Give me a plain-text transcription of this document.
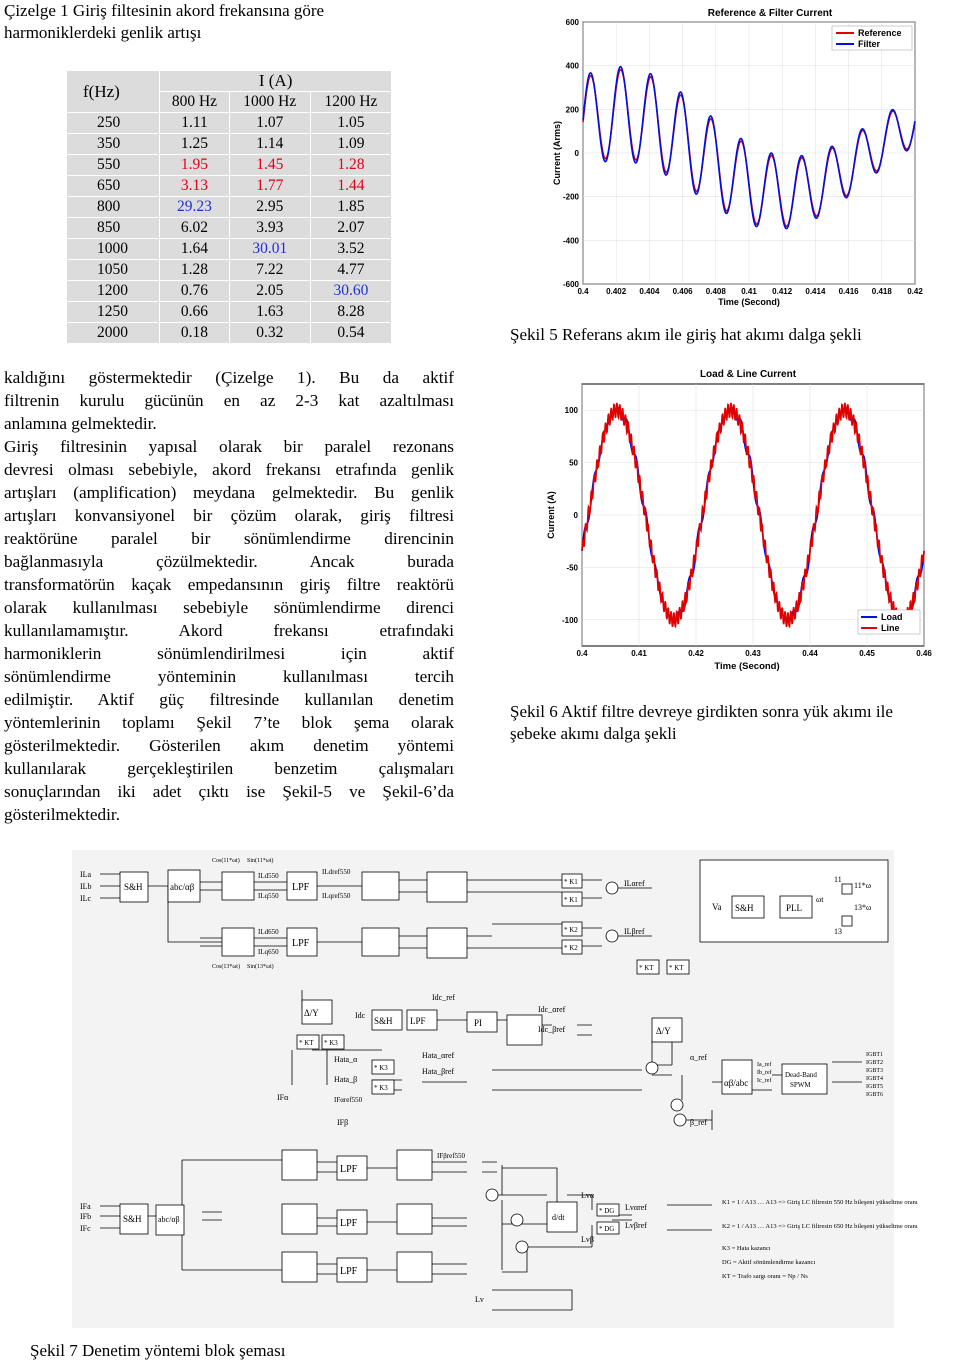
Çizelge 1 Giriş filtesinin akord frekansına göre
harmoniklerdeki genlik artışı
f(Hz)	I (A)		
	800 Hz	1000 Hz	1200 Hz
250	1.11	1.07	1.05
350	1.25	1.14	1.09
550	1.95	1.45	1.28
650	3.13	1.77	1.44
800	29.23	2.95	1.85
850	6.02	3.93	2.07
1000	1.64	30.01	3.52
1050	1.28	7.22	4.77
1200	0.76	2.05	30.60
1250	0.66	1.63	8.28
2000	0.18	0.32	0.54
kaldığını göstermektedir (Çizelge 1). Bu da aktif
filtrenin kurulu gücünün en az 2-3 kat azaltılması
anlamına gelmektedir.
Giriş filtresinin yapısal olarak bir paralel rezonans
devresi olması sebebiyle, akord frekansı etrafında genlik
artışları (amplification) meydana gelmektedir. Bu genlik
artışları konvansiyonel bir çözüm olarak, giriş filtresi
reaktörüne paralel bir sönümlendirme direncinin
bağlanmasıyla çözülmektedir. Ancak burada
transformatörün kaçak empedansının giriş filtre reaktörü
olarak kullanılması sebebiyle sönümlendirme direnci
kullanılamamıştır. Akord frekansı etrafındaki
harmoniklerin sönümlendirilmesi için aktif
sönümlendirme yönteminin kullanılması tercih
edilmiştir. Aktif güç filtresinde kullanılan denetim
yöntemlerinin toplamı Şekil 7’te blok şema olarak
gösterilmektedir. Gösterilen akım denetim yöntemi
kullanılarak gerçekleştirilen benzetim çalışmaları
sonuçlarından iki adet çıktı ise Şekil-5 ve Şekil-6’da
gösterilmektedir.
Reference & Filter Current
0.4 0.402 0.404 0.406 0.408 0.41 0.412 0.414 0.416 0.418 0.42
600
400
200
0
-200
-400
-600
Current (Arms)
Time (Second)
Reference
Filter
Şekil 5 Referans akım ile giriş hat akımı dalga şekli
Load & Line Current
0.4	0.41	0.42	0.43	0.44	0.45	0.46
100
50
0
-50
-100
Current (A)
Time (Second)
Load
Line
Şekil 6 Aktif filtre devreye girdikten sonra yük akımı ile
şebeke akımı dalga şekli
ILa
ILb
ILc
S&H	abc/αβ	LPF
LPF
Cos(11*ωt) Sin(11*ωt)
Cos(13*ωt) Sin(13*ωt)
ILd550
ILq550
ILd650
ILq650
ILdref550
ILqref550
ILαref
ILβref
* K1
* K1
* K2
* K2
* KT * KT
Va S&H	PLL
ωt
11
13
11*ω
13*ω
Δ/Y
* KT * K3
Idc_ref
Idc
S&H LPF	PI
Idc_αref
Idc_βref
Hata_α
Hata_β
* K3
* K3
Hata_αref
Hata_βref
Δ/Y
α_ref
β_ref
αβ/abc
Ia_ref
Ib_ref
Ic_ref
Dead-Band
SPWM
IGBT1
IGBT2
IGBT3
IGBT4
IGBT5
IGBT6
IFα
IFβ
IFαref550
IFβref550
IFa
IFb
IFc
S&H abc/αβ
LPF
LPF
LPF
d/dt
Lvα
Lvβ
* DG
* DG
Lvαref
Lvβref
Lv
K1 = 1 / A13 … A13 => Giriş LC filtresin 550 Hz bileşeni yükseltme oranı
K2 = 1 / A13 … A13 => Giriş LC filtresin 650 Hz bileşeni yükseltme oranı
K3 = Hata kazancı
DG = Aktif sönümlendirme kazancı
KT = Trafo sargı oranı = Np / Ns
Şekil 7 Denetim yöntemi blok şeması
